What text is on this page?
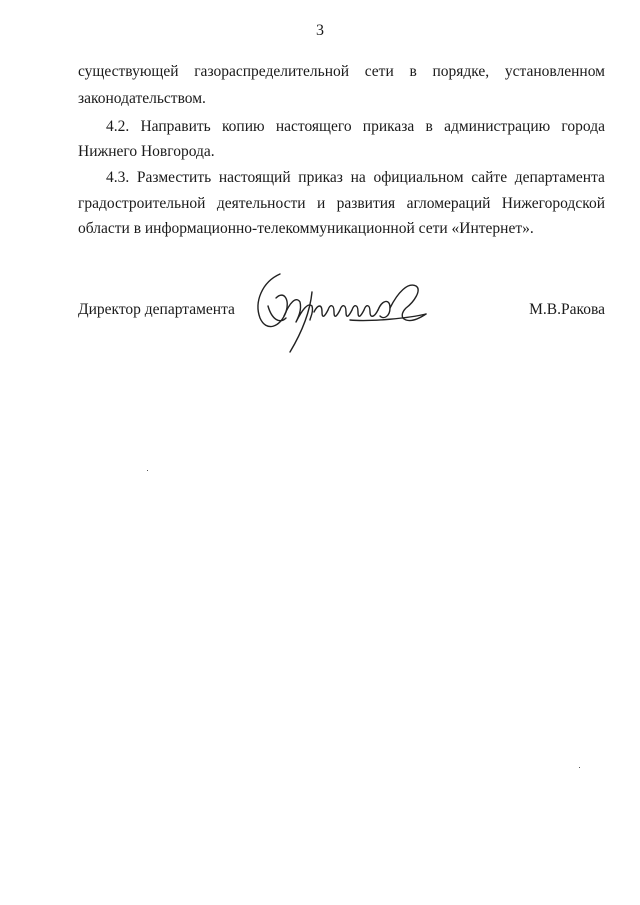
3
существующей газораспределительной сети в порядке, установленном
законодательством.
4.2. Направить копию настоящего приказа в администрацию города
Нижнего Новгорода.
4.3. Разместить настоящий приказ на официальном сайте департамента
градостроительной деятельности и развития агломераций Нижегородской
области в информационно-телекоммуникационной сети «Интернет».
Директор департамента	М.В.Ракова
